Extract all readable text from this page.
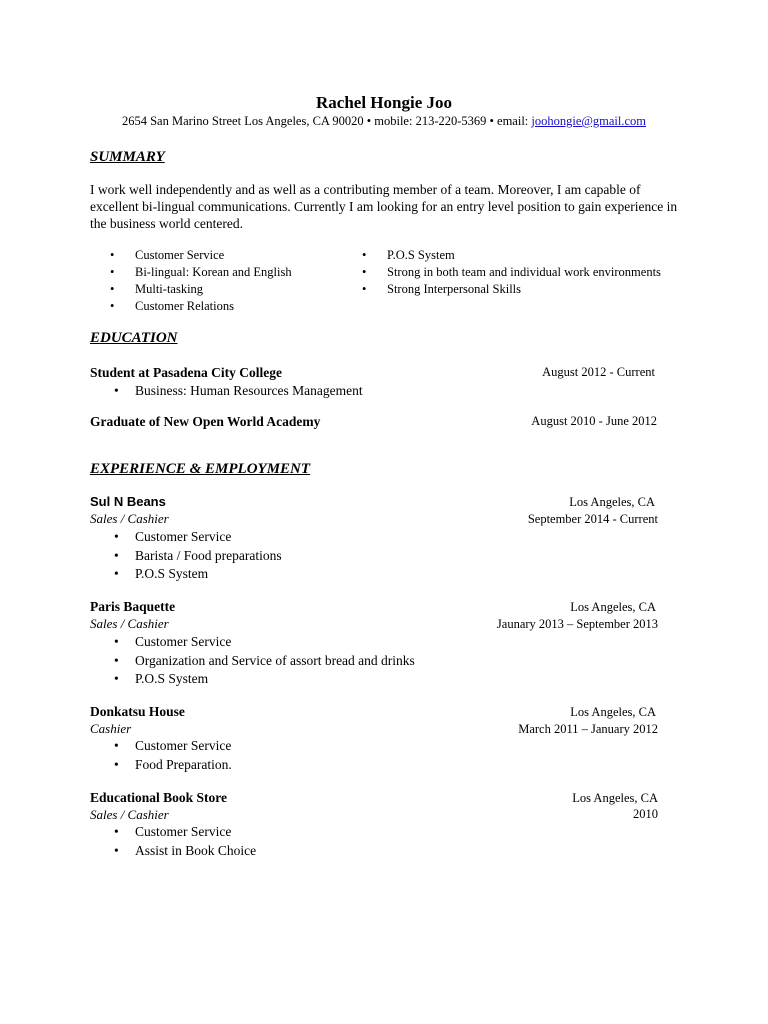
Rachel Hongie Joo
2654 San Marino Street Los Angeles, CA 90020 • mobile: 213-220-5369 • email: joohongie@gmail.com
SUMMARY
I work well independently and as well as a contributing member of a team. Moreover, I am capable of excellent bi-lingual communications. Currently I am looking for an entry level position to gain experience in the business world centered.
• Customer Service
• Bi-lingual: Korean and English
• Multi-tasking
• Customer Relations
• P.O.S System
• Strong in both team and individual work environments
• Strong Interpersonal Skills
EDUCATION
Student at Pasadena City College	August 2012 - Current
• Business: Human Resources Management
Graduate of New Open World Academy	August 2010 - June 2012
EXPERIENCE & EMPLOYMENT
Sul N Beans	Los Angeles, CA
Sales / Cashier	September 2014 - Current
• Customer Service
• Barista / Food preparations
• P.O.S System
Paris Baquette	Los Angeles, CA
Sales / Cashier	Jaunary 2013 – September 2013
• Customer Service
• Organization and Service of assort bread and drinks
• P.O.S System
Donkatsu House	Los Angeles, CA
Cashier	March 2011 – January 2012
• Customer Service
• Food Preparation.
Educational Book Store	Los Angeles, CA
Sales / Cashier	2010
• Customer Service
• Assist in Book Choice
